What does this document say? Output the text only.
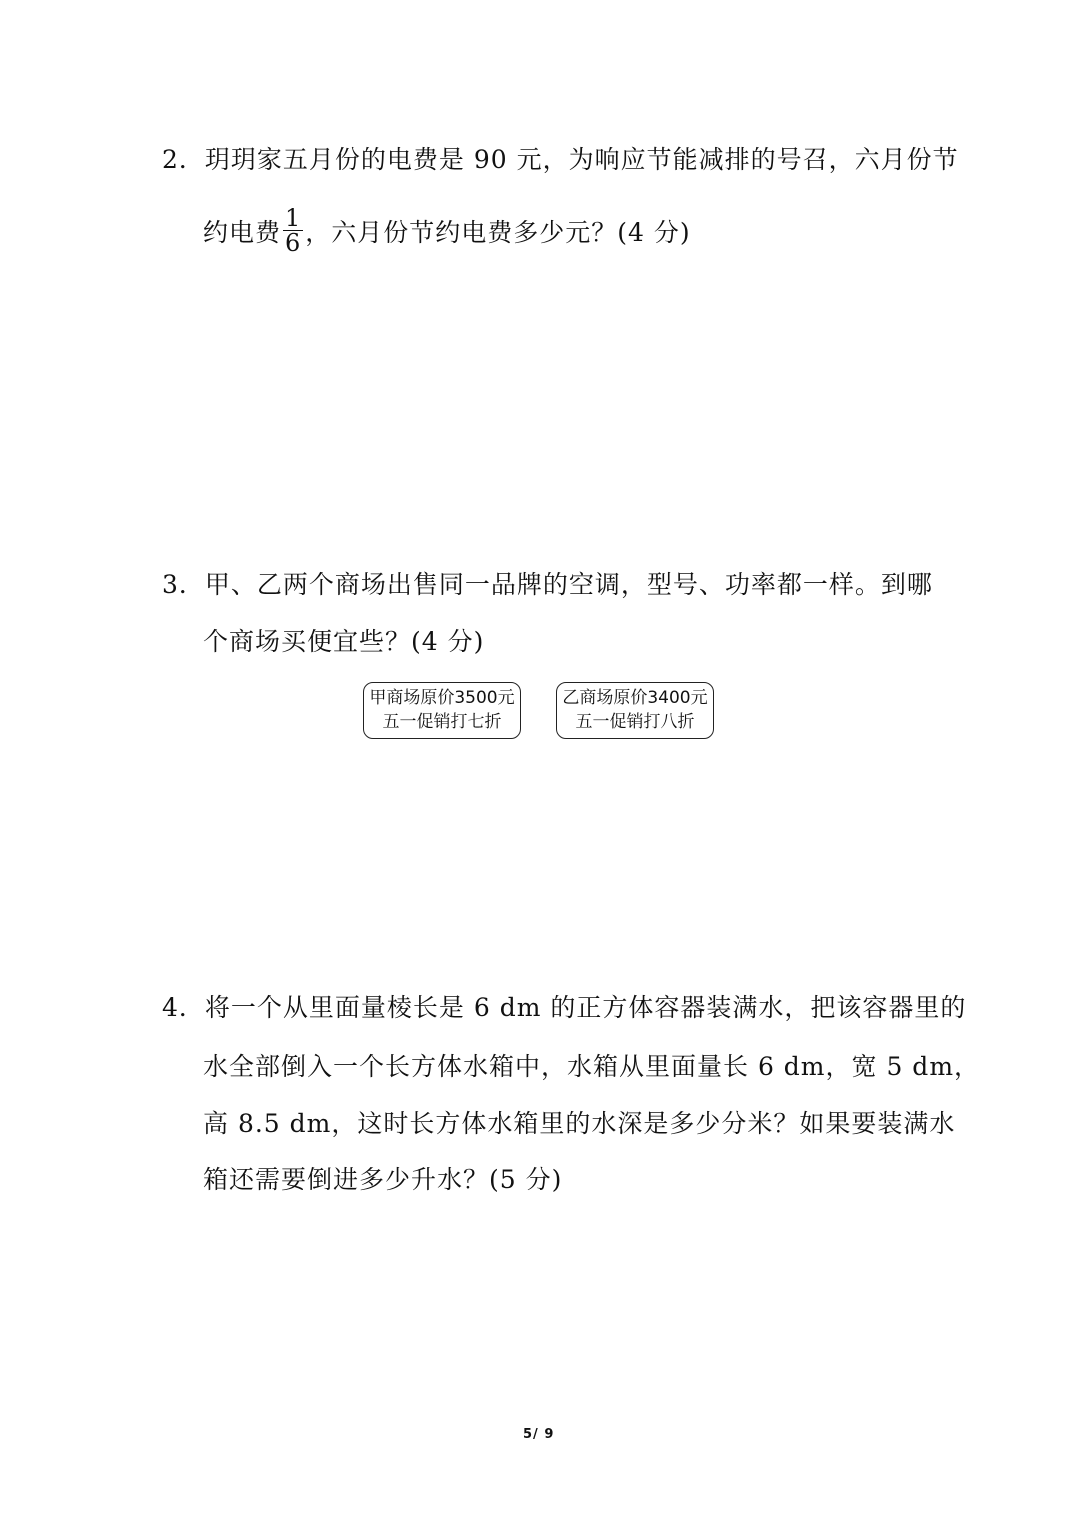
2．玥玥家五月份的电费是 90 元，为响应节能减排的号召，六月份节
约电费 $\frac{1}{6}$ ，六月份节约电费多少元？(4 分)
3．甲、乙两个商场出售同一品牌的空调，型号、功率都一样。到哪
个商场买便宜些？(4 分)
甲商场原价3500元
五一促销打七折
乙商场原价3400元
五一促销打八折
4．将一个从里面量棱长是 6 dm 的正方体容器装满水，把该容器里的
水全部倒入一个长方体水箱中，水箱从里面量长 6 dm，宽 5 dm，
高 8.5 dm，这时长方体水箱里的水深是多少分米？如果要装满水
箱还需要倒进多少升水？(5 分)
5/ 9
